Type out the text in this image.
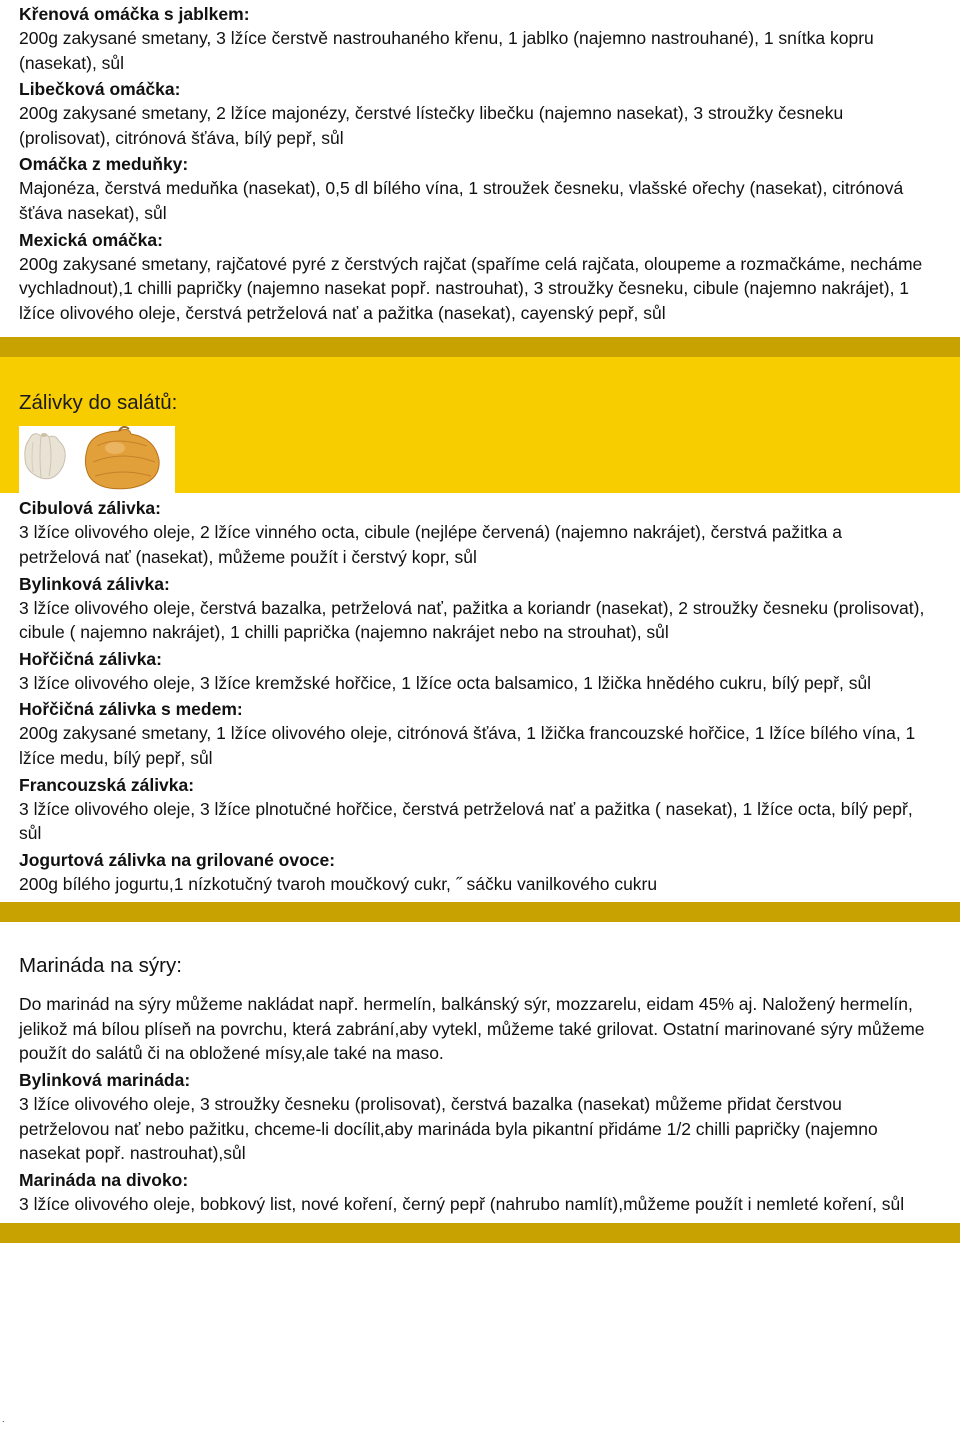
Křenová omáčka s jablkem:

200g zakysané smetany, 3 lžíce čerstvě nastrouhaného křenu, 1 jablko (najemno nastrouhané), 1 snítka kopru (nasekat), sůl

Libečková omáčka:

200g zakysané smetany, 2 lžíce majonézy, čerstvé lístečky libečku (najemno nasekat), 3 stroužky česneku (prolisovat), citrónová šťáva, bílý pepř, sůl

Omáčka z meduňky:

Majonéza, čerstvá meduňka (nasekat), 0,5 dl bílého vína, 1 stroužek česneku, vlašské ořechy (nasekat), citrónová šťáva nasekat), sůl

Mexická omáčka:

200g zakysané smetany, rajčatové pyré z čerstvých rajčat (spaříme celá rajčata, oloupeme a rozmačkáme, necháme vychladnout),1 chilli papričky (najemno nasekat popř. nastrouhat), 3 stroužky česneku, cibule (najemno nakrájet), 1 lžíce olivového oleje, čerstvá petrželová nať a pažitka (nasekat), cayenský pepř, sůl

Zálivky do salátů:

Cibulová zálivka:

3 lžíce olivového oleje, 2 lžíce vinného octa, cibule (nejlépe červená) (najemno nakrájet), čerstvá pažitka a petrželová nať (nasekat), můžeme použít i čerstvý kopr, sůl

Bylinková zálivka:

3 lžíce olivového oleje, čerstvá bazalka, petrželová nať, pažitka a koriandr (nasekat), 2 stroužky česneku (prolisovat), cibule ( najemno nakrájet), 1 chilli paprička (najemno nakrájet nebo na strouhat), sůl

Hořčičná zálivka:

3 lžíce olivového oleje, 3 lžíce kremžské hořčice, 1 lžíce octa balsamico, 1 lžička hnědého cukru, bílý pepř, sůl

Hořčičná zálivka s medem:

200g zakysané smetany, 1 lžíce olivového oleje, citrónová šťáva, 1 lžička francouzské hořčice, 1 lžíce bílého vína, 1 lžíce medu, bílý pepř, sůl

Francouzská zálivka:

3 lžíce olivového oleje, 3 lžíce plnotučné hořčice, čerstvá petrželová nať a pažitka ( nasekat), 1 lžíce octa, bílý pepř, sůl

Jogurtová zálivka na grilované ovoce:

200g bílého jogurtu,1 nízkotučný tvaroh moučkový cukr, ˝ sáčku vanilkového cukru

Marináda na sýry:

Do marinád na sýry můžeme nakládat např. hermelín, balkánský sýr, mozzarelu, eidam 45% aj. Naložený hermelín, jelikož má bílou plíseň na povrchu, která zabrání,aby vytekl, můžeme také grilovat. Ostatní marinované sýry můžeme použít do salátů či na obložené mísy,ale také na maso.

Bylinková marináda:

3 lžíce olivového oleje, 3 stroužky česneku (prolisovat), čerstvá bazalka (nasekat) můžeme přidat čerstvou petrželovou nať nebo pažitku, chceme-li docílit,aby marináda byla pikantní přidáme 1/2 chilli papričky (najemno nasekat popř. nastrouhat),sůl

Marináda na divoko:

3 lžíce olivového oleje, bobkový list, nové koření, černý pepř (nahrubo namlít),můžeme použít i nemleté koření, sůl

.
